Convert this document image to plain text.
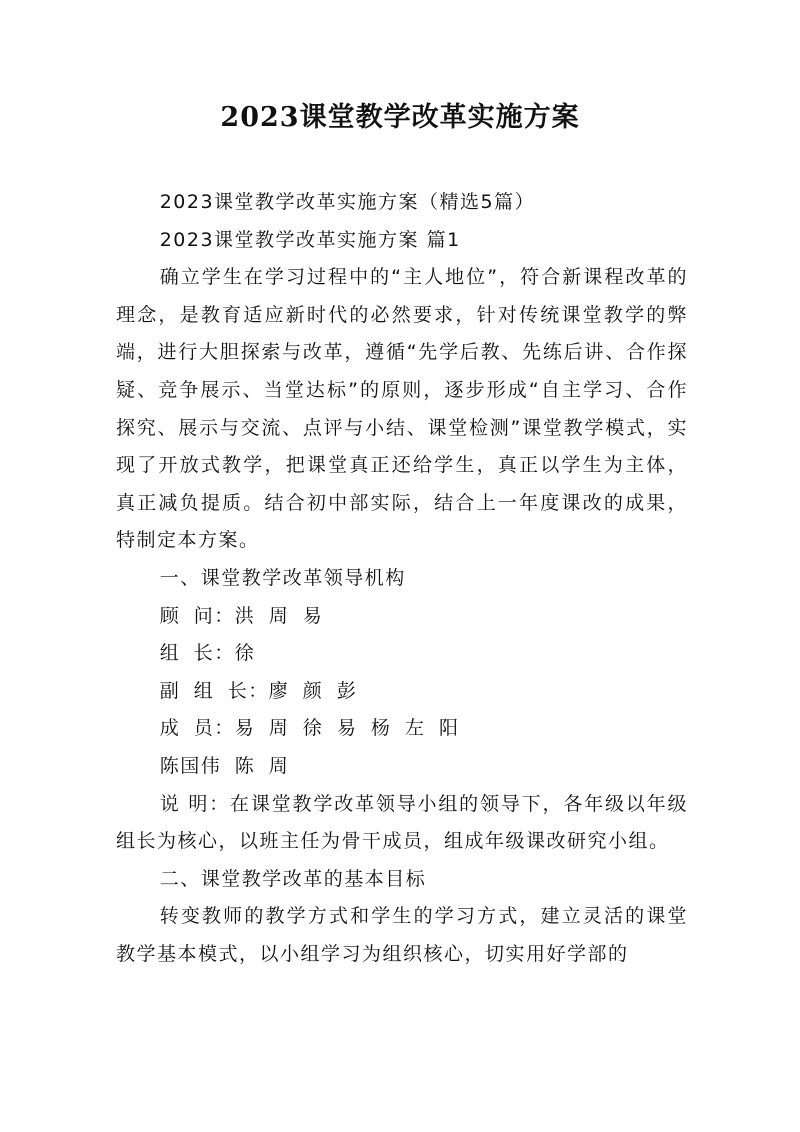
2023课堂教学改革实施方案

2023课堂教学改革实施方案（精选5篇）

2023课堂教学改革实施方案 篇1

确立学生在学习过程中的“主人地位”，符合新课程改革的理念，是教育适应新时代的必然要求，针对传统课堂教学的弊端，进行大胆探索与改革，遵循“先学后教、先练后讲、合作探疑、竞争展示、当堂达标”的原则，逐步形成“自主学习、合作探究、展示与交流、点评与小结、课堂检测”课堂教学模式，实现了开放式教学，把课堂真正还给学生，真正以学生为主体，真正减负提质。结合初中部实际，结合上一年度课改的成果，特制定本方案。

一、课堂教学改革领导机构

顾 问：洪 周 易

组 长：徐

副 组 长：廖 颜 彭

成 员：易 周 徐 易 杨 左 阳

陈国伟 陈 周

说 明：在课堂教学改革领导小组的领导下，各年级以年级组长为核心，以班主任为骨干成员，组成年级课改研究小组。

二、课堂教学改革的基本目标

转变教师的教学方式和学生的学习方式，建立灵活的课堂教学基本模式，以小组学习为组织核心，切实用好学部的
